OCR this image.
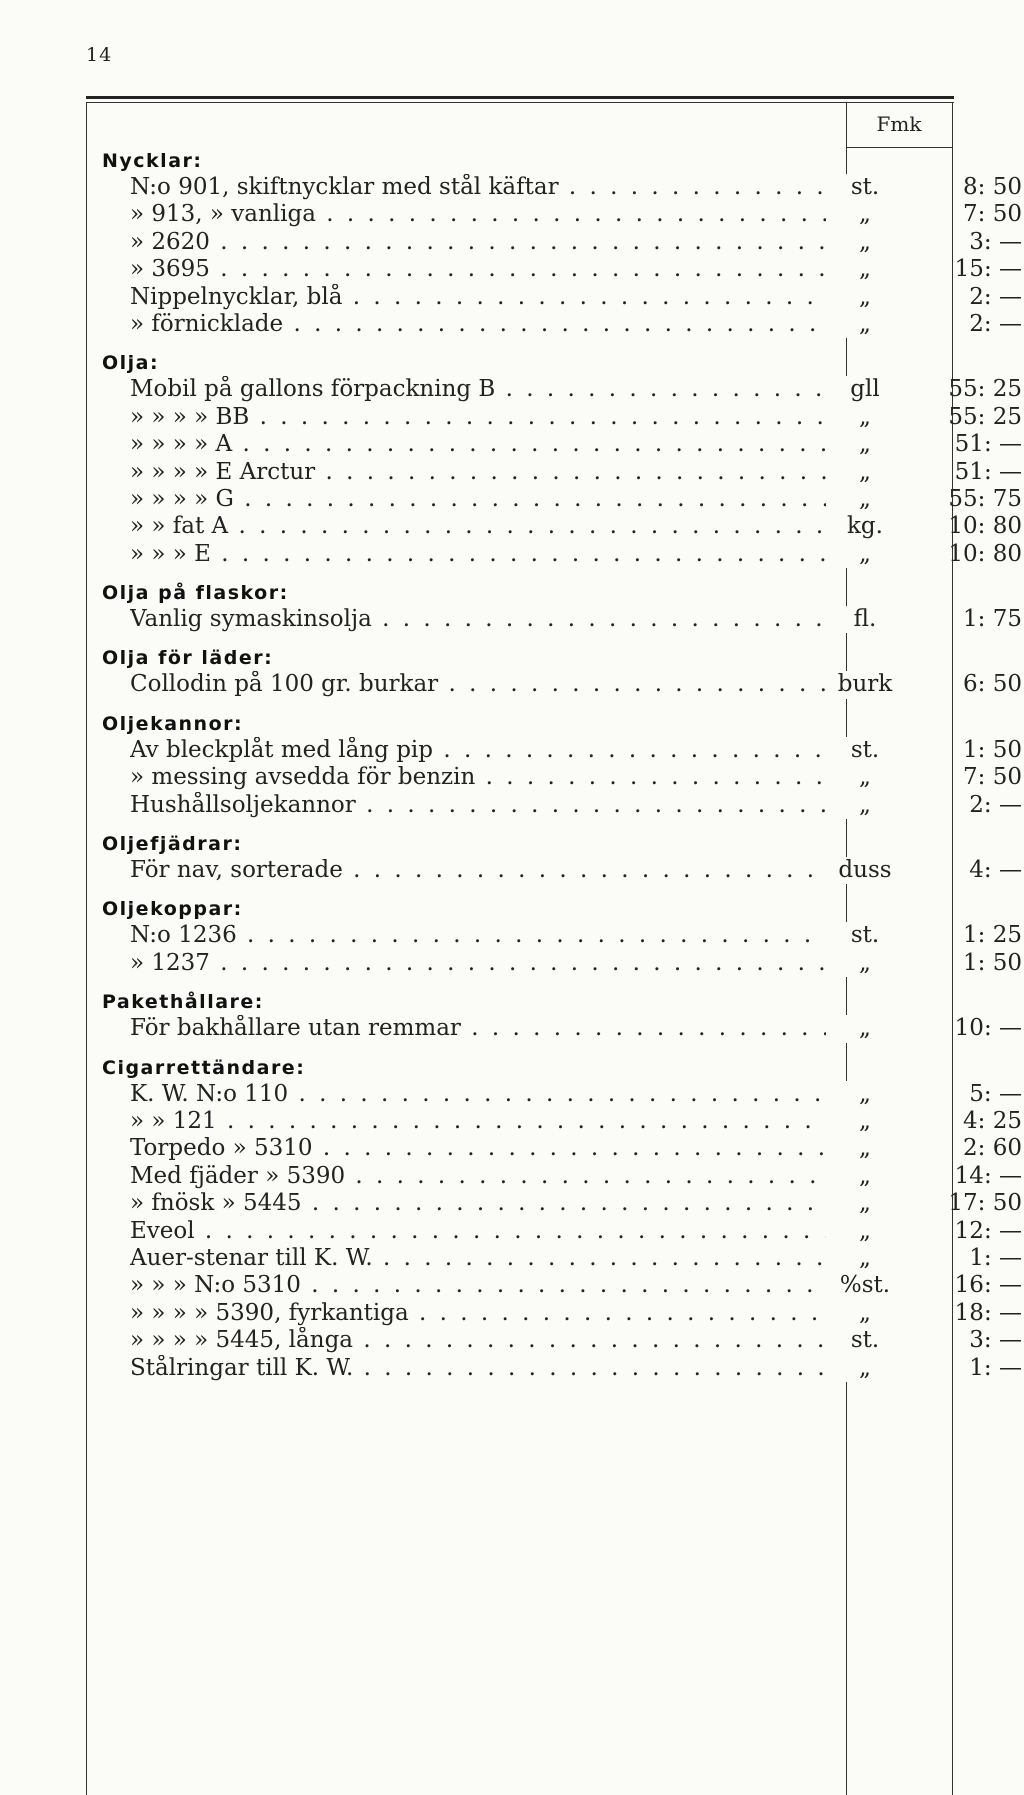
14
Fmk
Nycklar:
N:o 901, skiftnycklar med stål käftar . . .	st.	8: 50
» 913, » vanliga . . .	„	7: 50
» 2620 . . .	„	3: —
» 3695 . . .	„	15: —
Nippelnycklar, blå . . .	„	2: —
» förnicklade . . .	„	2: —
Olja:
Mobil på gallons förpackning B . . .	gll	55: 25
» » » » BB . . .	„	55: 25
» » » » A . . .	„	51: —
» » » » E Arctur . . .	„	51: —
» » » » G . . .	„	55: 75
» » fat A . . .	kg.	10: 80
» » » E . . .	„	10: 80
Olja på flaskor:
Vanlig symaskinsolja . . .	fl.	1: 75
Olja för läder:
Collodin på 100 gr. burkar . . .	burk	6: 50
Oljekannor:
Av bleckplåt med lång pip . . .	st.	1: 50
» messing avsedda för benzin . . .	„	7: 50
Hushållsoljekannor . . .	„	2: —
Oljefjädrar:
För nav, sorterade . . .	duss	4: —
Oljekoppar:
N:o 1236 . . .	st.	1: 25
» 1237 . . .	„	1: 50
Pakethållare:
För bakhållare utan remmar . . .	„	10: —
Cigarrettändare:
K. W. N:o 110 . . .	„	5: —
» » 121 . . .	„	4: 25
Torpedo » 5310 . . .	„	2: 60
Med fjäder » 5390 . . .	„	14: —
» fnösk » 5445 . . .	„	17: 50
Eveol . . .	„	12: —
Auer-stenar till K. W. . . .	„	1: —
» » » N:o 5310 . . .	%st.	16: —
» » » » 5390, fyrkantiga . . .	„	18: —
» » » » 5445, långa . . .	st.	3: —
Stålringar till K. W. . . .	„	1: —
